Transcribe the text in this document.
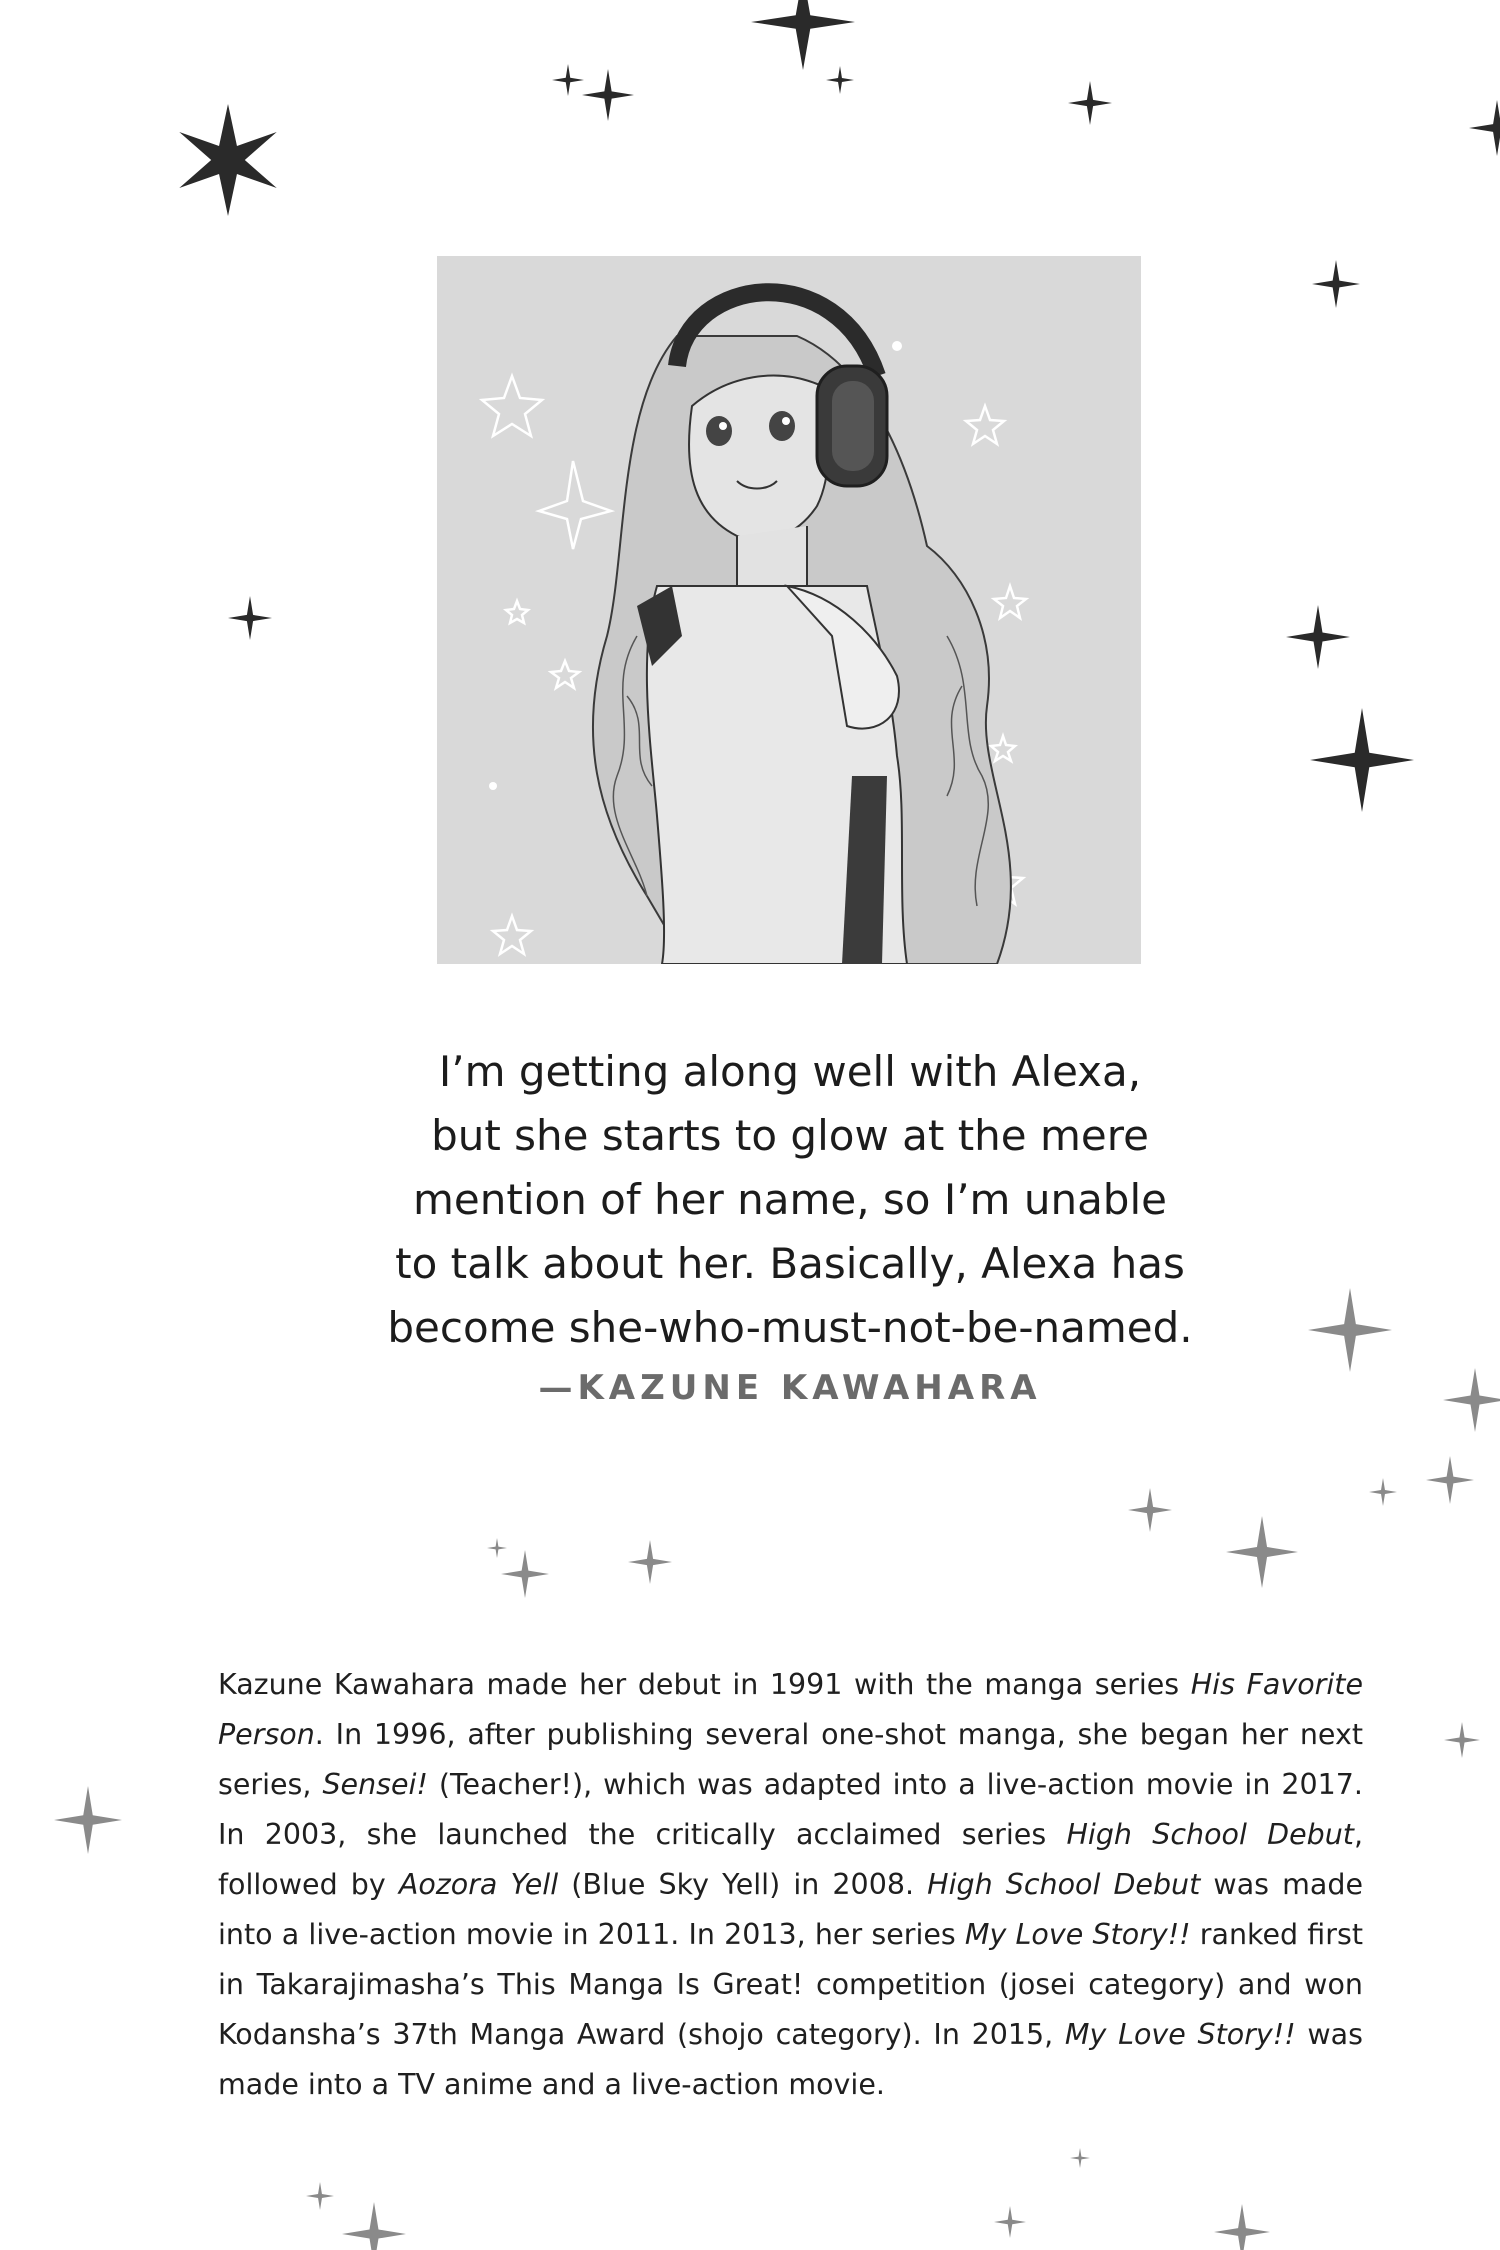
I’m getting along well with Alexa,
but she starts to glow at the mere
mention of her name, so I’m unable
to talk about her. Basically, Alexa has
become she-who-must-not-be-named.
—KAZUNE KAWAHARA
Kazune Kawahara made her debut in 1991 with the manga series His Favorite Person. In 1996, after publishing several one-shot manga, she began her next series, Sensei! (Teacher!), which was adapted into a live-action movie in 2017. In 2003, she launched the critically acclaimed series High School Debut, followed by Aozora Yell (Blue Sky Yell) in 2008. High School Debut was made into a live-action movie in 2011. In 2013, her series My Love Story!! ranked first in Takarajimasha’s This Manga Is Great! competition (josei category) and won Kodansha’s 37th Manga Award (shojo category). In 2015, My Love Story!! was made into a TV anime and a live-action movie.
